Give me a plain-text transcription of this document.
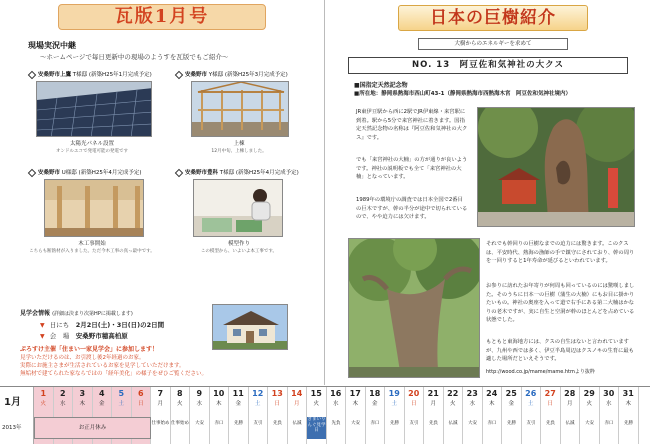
瓦版1月号
現場実況中継
〜ホームページで毎日更新中の現場のようすを瓦版でもご紹介〜
安桑野市上鷹 T様邸 (新築H25年1月完成予定)
太陽光パネル設置
オンドルエコで発電可能の発電です
安桑野市 Y様邸 (新築H25年3月完成予定)
上棟
12月中旬、上棟しました。
安桑野市 U様邸 (新築H25年4月完成予定)
木工事開始
こちらも断熱材が入りました。ただ今木工事の真っ最中です。
安桑野市豊科 T様邸 (新築H25年4月完成予定)
模型作り
この模型から、いよいよ本工事です。
見学会情報 (詳細は決まり次第HPに掲載します)
▼ 日にち　 2月2日(土)・3日(日)の2日間
▼ 会　場　 安桑野市穂高柏原
ぷろすけ主催「住まい一家見学会」に参加します！
見学いただけるのは、お引渡し後2年経過のお家。
実際にお施主さまが生活されているお家を見学していただけます。
無垢材で建てられた家ならではの「経年美化」の様子をぜひご覧ください。
日本の巨樹紹介
大樹からのエネルギーを求めて
NO. 13　阿豆佐和気神社の大クス
■国指定天然記念物
■所在地：静岡県熱海市西山町43-1（静岡県熱海市西熱海木宮　阿豆佐和気神社境内）
JR東伊豆駅から西に2駅でJR伊東線・来宮駅に到着。駅から5分で来宮神社に着きます。国指定天然記念物の名称は『阿豆佐和気神社の大クス』です。
でも「来宮神社の大楠」の方が通りが良いようです。神社の説明板でも全て「来宮神社の大楠」となっています。
1989年の環境庁の調査では日本全国で2番目の巨木ですが、幹の半分が途中で切られているので、やや迫力には欠けます。
それでも幹回りの巨樹なまでの迫力には驚きます。このクスは、平安時代、熱海の漁師の手で鎮守にされており、幹の周りを一回りすると1年寿命が延びるといわれています。
お参りに訪れたお年寄りが何周も回っているのには驚嘆しました。そのうちに日本一の巨樹（蒲生の大楠）にもお目に掛かりたいもの。神社の奥座を入って道で右手にある第二大楠はかなりの老木ですが、実に自生と空洞が幹のほとんどを占めている状態でした。
もともと東海地方には、クスの自生はないと言われていますが、九州や西では多く、伊豆半島周辺はクスノキの生育に最も適した場所だといえそうです。
http://wood.co.jp/mame/mame.htmより抜粋
1月
2013年
1
火
2
水
3
木
4
金
5
土
6
日
7
月
仕事始め
8
火
仕事始め
9
水
大安
10
木
赤口
11
金
先勝
12
土
友引
13
日
先負
14
月
仏滅
15
火
きまいりんぐ見学日
16
水
先負
17
木
大安
18
金
赤口
19
土
先勝
20
日
友引
21
月
先負
22
火
仏滅
23
水
大安
24
木
赤口
25
金
先勝
26
土
友引
27
日
先負
28
月
仏滅
29
火
大安
30
水
赤口
31
木
先勝
お正月休み
